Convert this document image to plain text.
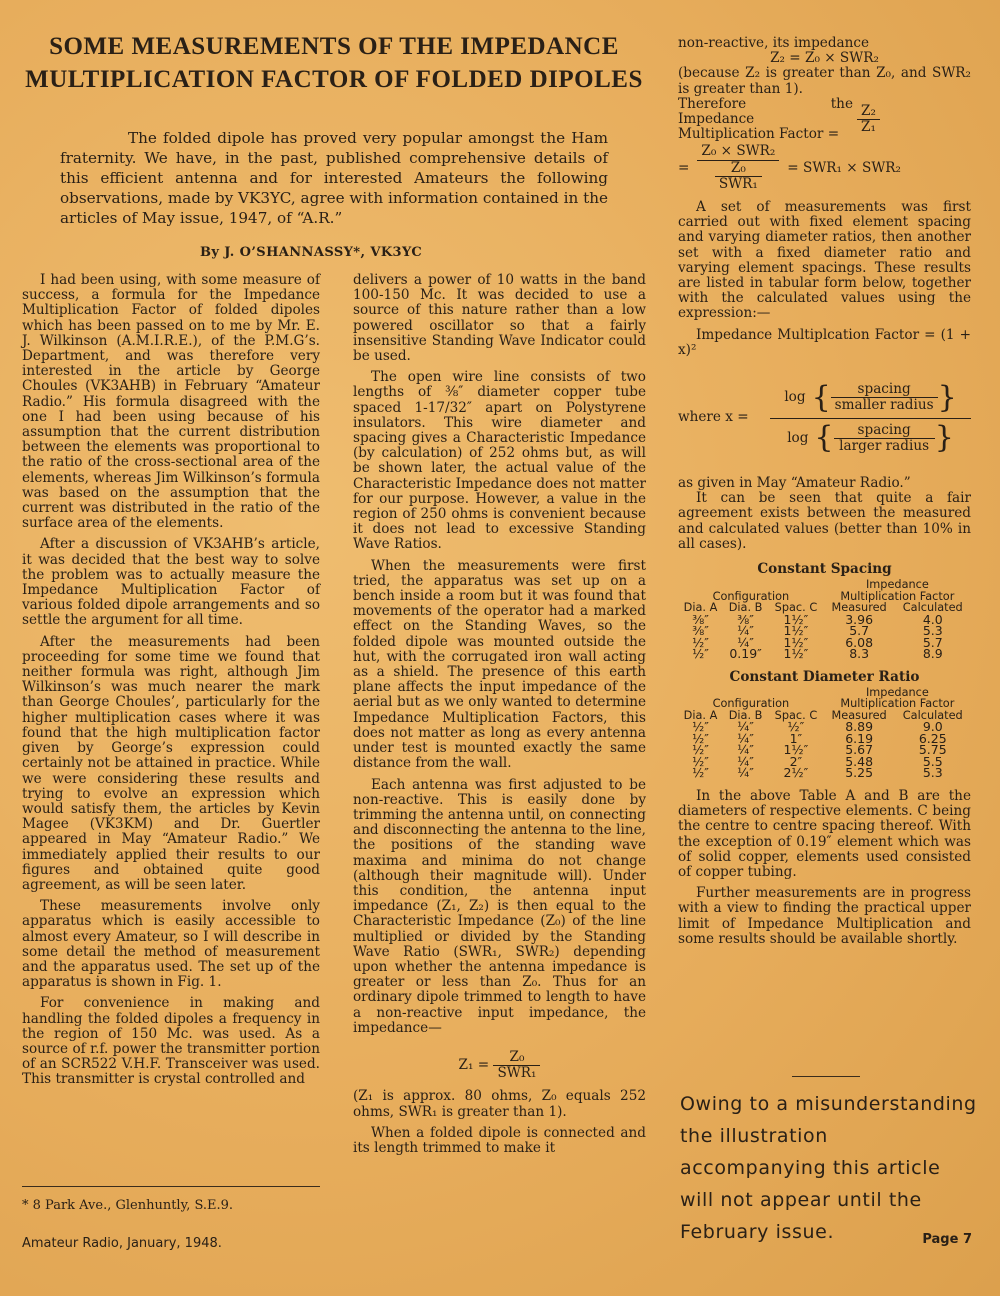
SOME MEASUREMENTS OF THE IMPEDANCE MULTIPLICATION FACTOR OF FOLDED DIPOLES
The folded dipole has proved very popular amongst the Ham fraternity. We have, in the past, published comprehensive details of this efficient antenna and for interested Amateurs the following observations, made by VK3YC, agree with information contained in the articles of May issue, 1947, of “A.R.”
By J. O’SHANNASSY*, VK3YC

I had been using, with some measure of success, a formula for the Impedance Multiplication Factor of folded dipoles which has been passed on to me by Mr. E. J. Wilkinson (A.M.I.R.E.), of the P.M.G’s. Department, and was therefore very interested in the article by George Choules (VK3AHB) in February “Amateur Radio.” His formula disagreed with the one I had been using because of his assumption that the current distribution between the elements was proportional to the ratio of the cross-sectional area of the elements, whereas Jim Wilkinson’s formula was based on the assumption that the current was distributed in the ratio of the surface area of the elements.

After a discussion of VK3AHB’s article, it was decided that the best way to solve the problem was to actually measure the Impedance Multiplication Factor of various folded dipole arrangements and so settle the argument for all time.

After the measurements had been proceeding for some time we found that neither formula was right, although Jim Wilkinson’s was much nearer the mark than George Choules’, particularly for the higher multiplication cases where it was found that the high multiplication factor given by George’s expression could certainly not be attained in practice. While we were considering these results and trying to evolve an expression which would satisfy them, the articles by Kevin Magee (VK3KM) and Dr. Guertler appeared in May “Amateur Radio.” We immediately applied their results to our figures and obtained quite good agreement, as will be seen later.

These measurements involve only apparatus which is easily accessible to almost every Amateur, so I will describe in some detail the method of measurement and the apparatus used. The set up of the apparatus is shown in Fig. 1.

For convenience in making and handling the folded dipoles a frequency in the region of 150 Mc. was used. As a source of r.f. power the transmitter portion of an SCR522 V.H.F. Transceiver was used. This transmitter is crystal controlled and

* 8 Park Ave., Glenhuntly, S.E.9.

delivers a power of 10 watts in the band 100-150 Mc. It was decided to use a source of this nature rather than a low powered oscillator so that a fairly insensitive Standing Wave Indicator could be used.

The open wire line consists of two lengths of ⅜″ diameter copper tube spaced 1-17/32″ apart on Polystyrene insulators. This wire diameter and spacing gives a Characteristic Impedance (by calculation) of 252 ohms but, as will be shown later, the actual value of the Characteristic Impedance does not matter for our purpose. However, a value in the region of 250 ohms is convenient because it does not lead to excessive Standing Wave Ratios.

When the measurements were first tried, the apparatus was set up on a bench inside a room but it was found that movements of the operator had a marked effect on the Standing Waves, so the folded dipole was mounted outside the hut, with the corrugated iron wall acting as a shield. The presence of this earth plane affects the input impedance of the aerial but as we only wanted to determine Impedance Multiplication Factors, this does not matter as long as every antenna under test is mounted exactly the same distance from the wall.

Each antenna was first adjusted to be non-reactive. This is easily done by trimming the antenna until, on connecting and disconnecting the antenna to the line, the positions of the standing wave maxima and minima do not change (although their magnitude will). Under this condition, the antenna input impedance (Z₁, Z₂) is then equal to the Characteristic Impedance (Z₀) of the line multiplied or divided by the Standing Wave Ratio (SWR₁, SWR₂) depending upon whether the antenna impedance is greater or less than Z₀. Thus for an ordinary dipole trimmed to length to have a non-reactive input impedance, the impedance—

$Z_1 = \frac{\text{Z₀}}{\text{SWR₁}}$

(Z₁ is approx. 80 ohms, Z₀ equals 252 ohms, SWR₁ is greater than 1).

When a folded dipole is connected and its length trimmed to make it

non-reactive, its impedance

Z₂ = Z₀ × SWR₂

(because Z₂ is greater than Z₀, and SWR₂ is greater than 1).

Therefore the Impedance Multiplication Factor =	$\frac{\text{Z₂}}{\text{Z₁}}$
= $\frac{\text{Z₀ × SWR₂}}{\frac{\text{Z₀}}{\text{SWR₁}}} = SWR_1 \times SWR_2$

A set of measurements was first carried out with fixed element spacing and varying diameter ratios, then another set with a fixed diameter ratio and varying element spacings. These results are listed in tabular form below, together with the calculated values using the expression:—

Impedance Multiplcation Factor = (1 + x)²

where x =
log { $\frac{\text{spacing}}{\text{smaller radius}}$ }
log { $\frac{\text{spacing}}{\text{larger radius}}$ }

as given in May “Amateur Radio.”

It can be seen that quite a fair agreement exists between the measured and calculated values (better than 10% in all cases).

Constant Spacing
			Impedance	
Configuration			Multiplication Factor	
Dia. A	Dia. B	Spac. C	Measured	Calculated
⅜″	⅜″	1½″	3.96	4.0
⅜″	¼″	1½″	5.7	5.3
½″	¼″	1½″	6.08	5.7
½″	0.19″	1½″	8.3	8.9
Constant Diameter Ratio
			Impedance	
Configuration			Multiplication Factor	
Dia. A	Dia. B	Spac. C	Measured	Calculated
½″	¼″	½″	8.89	9.0
½″	¼″	1″	6.19	6.25
½″	¼″	1½″	5.67	5.75
½″	¼″	2″	5.48	5.5
½″	¼″	2½″	5.25	5.3

In the above Table A and B are the diameters of respective elements. C being the centre to centre spacing thereof. With the exception of 0.19″ element which was of solid copper, elements used consisted of copper tubing.

Further measurements are in progress with a view to finding the practical upper limit of Impedance Multiplication and some results should be available shortly.

Owing to a misunderstanding the illustration accompanying this article will not appear until the February issue.
Amateur Radio, January, 1948.	Page 7
